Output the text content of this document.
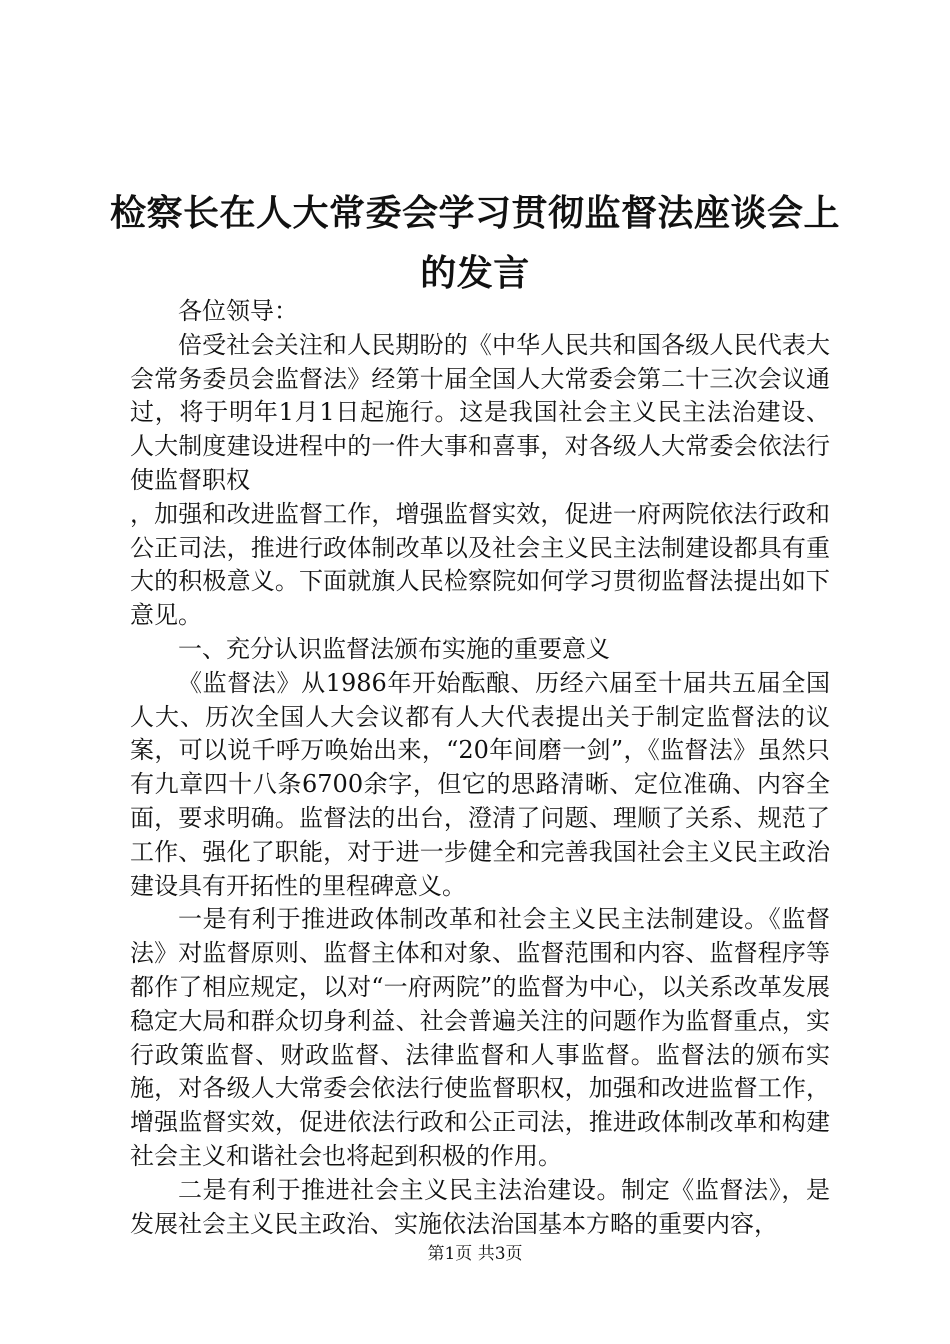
检察长在人大常委会学习贯彻监督法座谈会上的发言

各位领导：

倍受社会关注和人民期盼的《中华人民共和国各级人民代表大会常务委员会监督法》经第十届全国人大常委会第二十三次会议通过，将于明年1月1日起施行。这是我国社会主义民主法治建设、人大制度建设进程中的一件大事和喜事，对各级人大常委会依法行使监督职权

，加强和改进监督工作，增强监督实效，促进一府两院依法行政和公正司法，推进行政体制改革以及社会主义民主法制建设都具有重大的积极意义。下面就旗人民检察院如何学习贯彻监督法提出如下意见。

一、充分认识监督法颁布实施的重要意义

《监督法》从1986年开始酝酿、历经六届至十届共五届全国人大、历次全国人大会议都有人大代表提出关于制定监督法的议案，可以说千呼万唤始出来，“20年间磨一剑”，《监督法》虽然只有九章四十八条6700余字，但它的思路清晰、定位准确、内容全面，要求明确。监督法的出台，澄清了问题、理顺了关系、规范了工作、强化了职能，对于进一步健全和完善我国社会主义民主政治建设具有开拓性的里程碑意义。

一是有利于推进政体制改革和社会主义民主法制建设。《监督法》对监督原则、监督主体和对象、监督范围和内容、监督程序等都作了相应规定，以对“一府两院”的监督为中心，以关系改革发展稳定大局和群众切身利益、社会普遍关注的问题作为监督重点，实行政策监督、财政监督、法律监督和人事监督。监督法的颁布实施，对各级人大常委会依法行使监督职权，加强和改进监督工作，增强监督实效，促进依法行政和公正司法，推进政体制改革和构建社会主义和谐社会也将起到积极的作用。

二是有利于推进社会主义民主法治建设。制定《监督法》，是发展社会主义民主政治、实施依法治国基本方略的重要内容，

第1页 共3页
